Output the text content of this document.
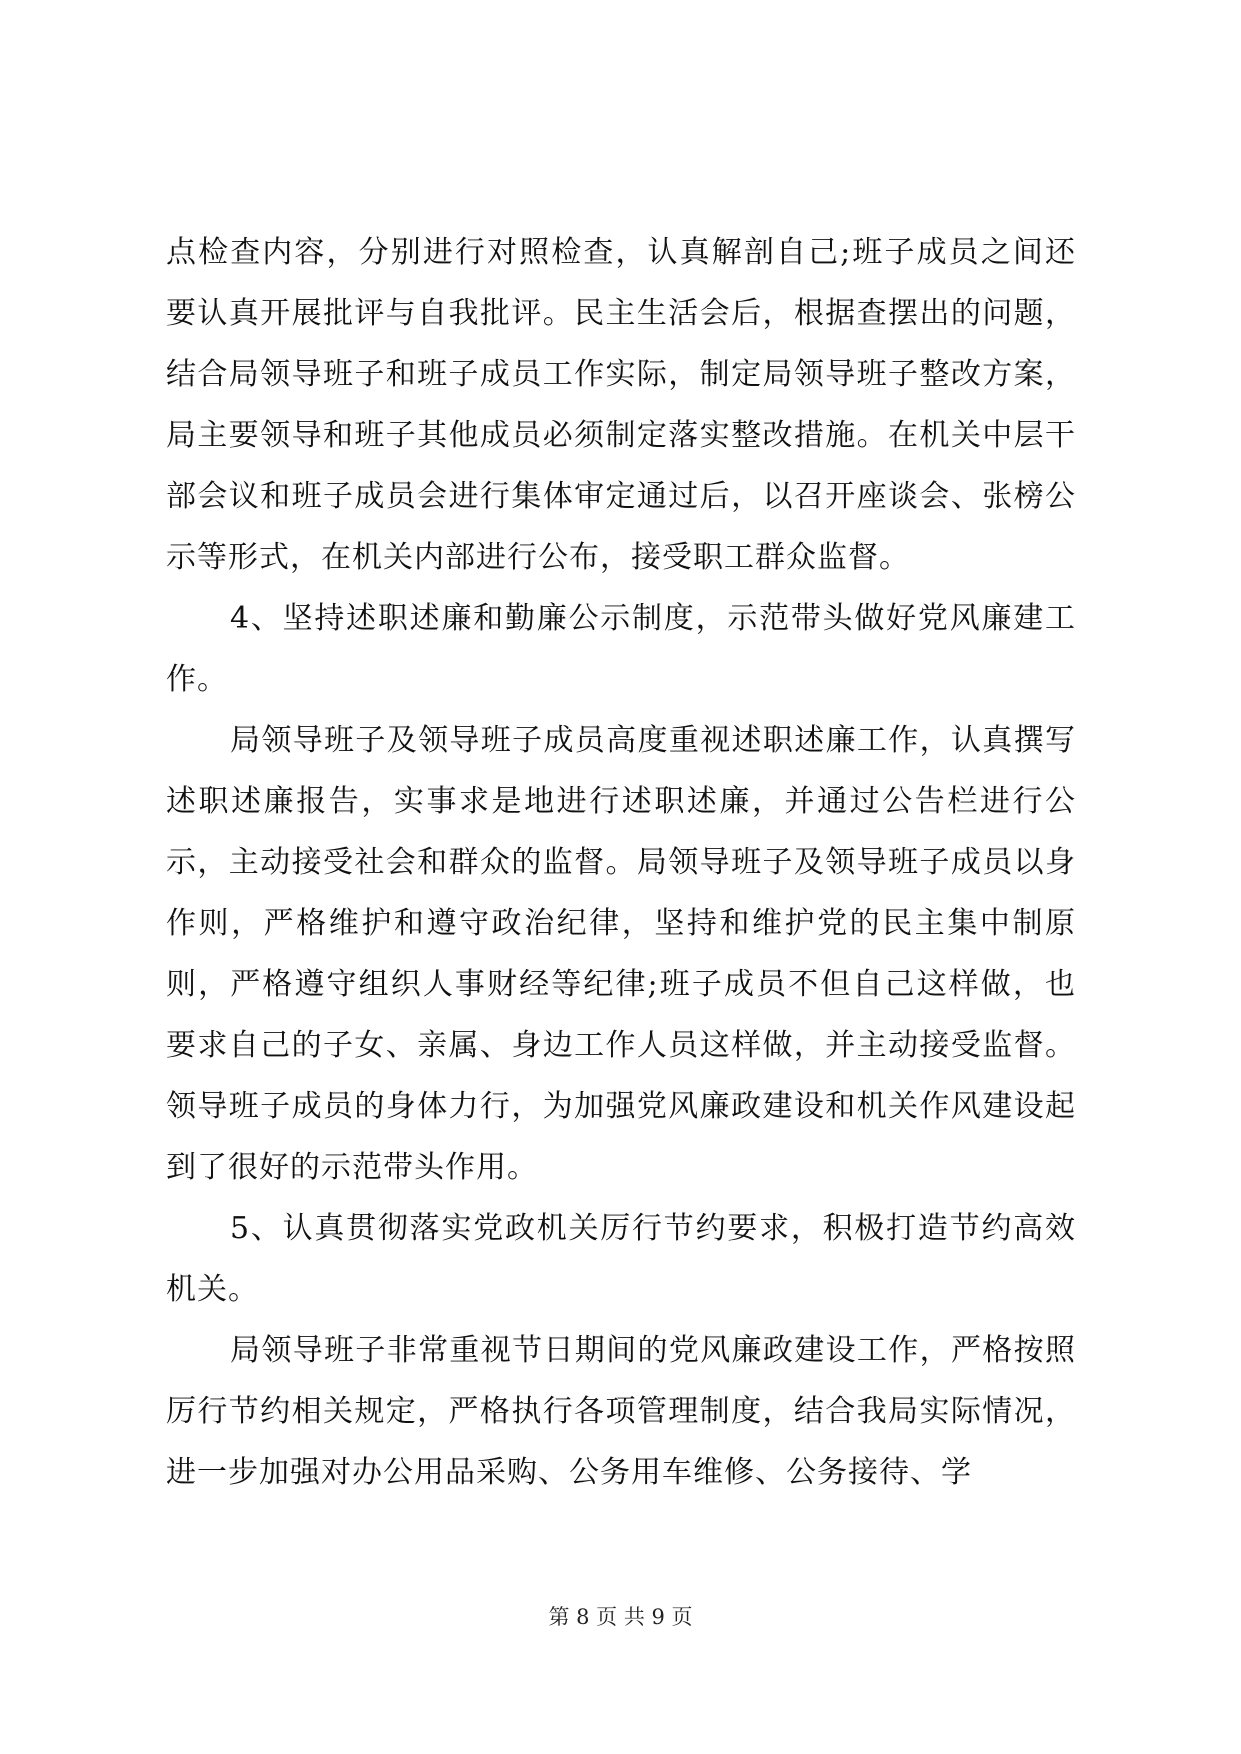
点检查内容，分别进行对照检查，认真解剖自己;班子成员之间还要认真开展批评与自我批评。民主生活会后，根据查摆出的问题，结合局领导班子和班子成员工作实际，制定局领导班子整改方案，局主要领导和班子其他成员必须制定落实整改措施。在机关中层干部会议和班子成员会进行集体审定通过后，以召开座谈会、张榜公示等形式，在机关内部进行公布，接受职工群众监督。

4、坚持述职述廉和勤廉公示制度，示范带头做好党风廉建工作。

局领导班子及领导班子成员高度重视述职述廉工作，认真撰写述职述廉报告，实事求是地进行述职述廉，并通过公告栏进行公示，主动接受社会和群众的监督。局领导班子及领导班子成员以身作则，严格维护和遵守政治纪律，坚持和维护党的民主集中制原则，严格遵守组织人事财经等纪律;班子成员不但自己这样做，也要求自己的子女、亲属、身边工作人员这样做，并主动接受监督。领导班子成员的身体力行，为加强党风廉政建设和机关作风建设起到了很好的示范带头作用。

5、认真贯彻落实党政机关厉行节约要求，积极打造节约高效机关。

局领导班子非常重视节日期间的党风廉政建设工作，严格按照厉行节约相关规定，严格执行各项管理制度，结合我局实际情况，进一步加强对办公用品采购、公务用车维修、公务接待、学

第 8 页 共 9 页
